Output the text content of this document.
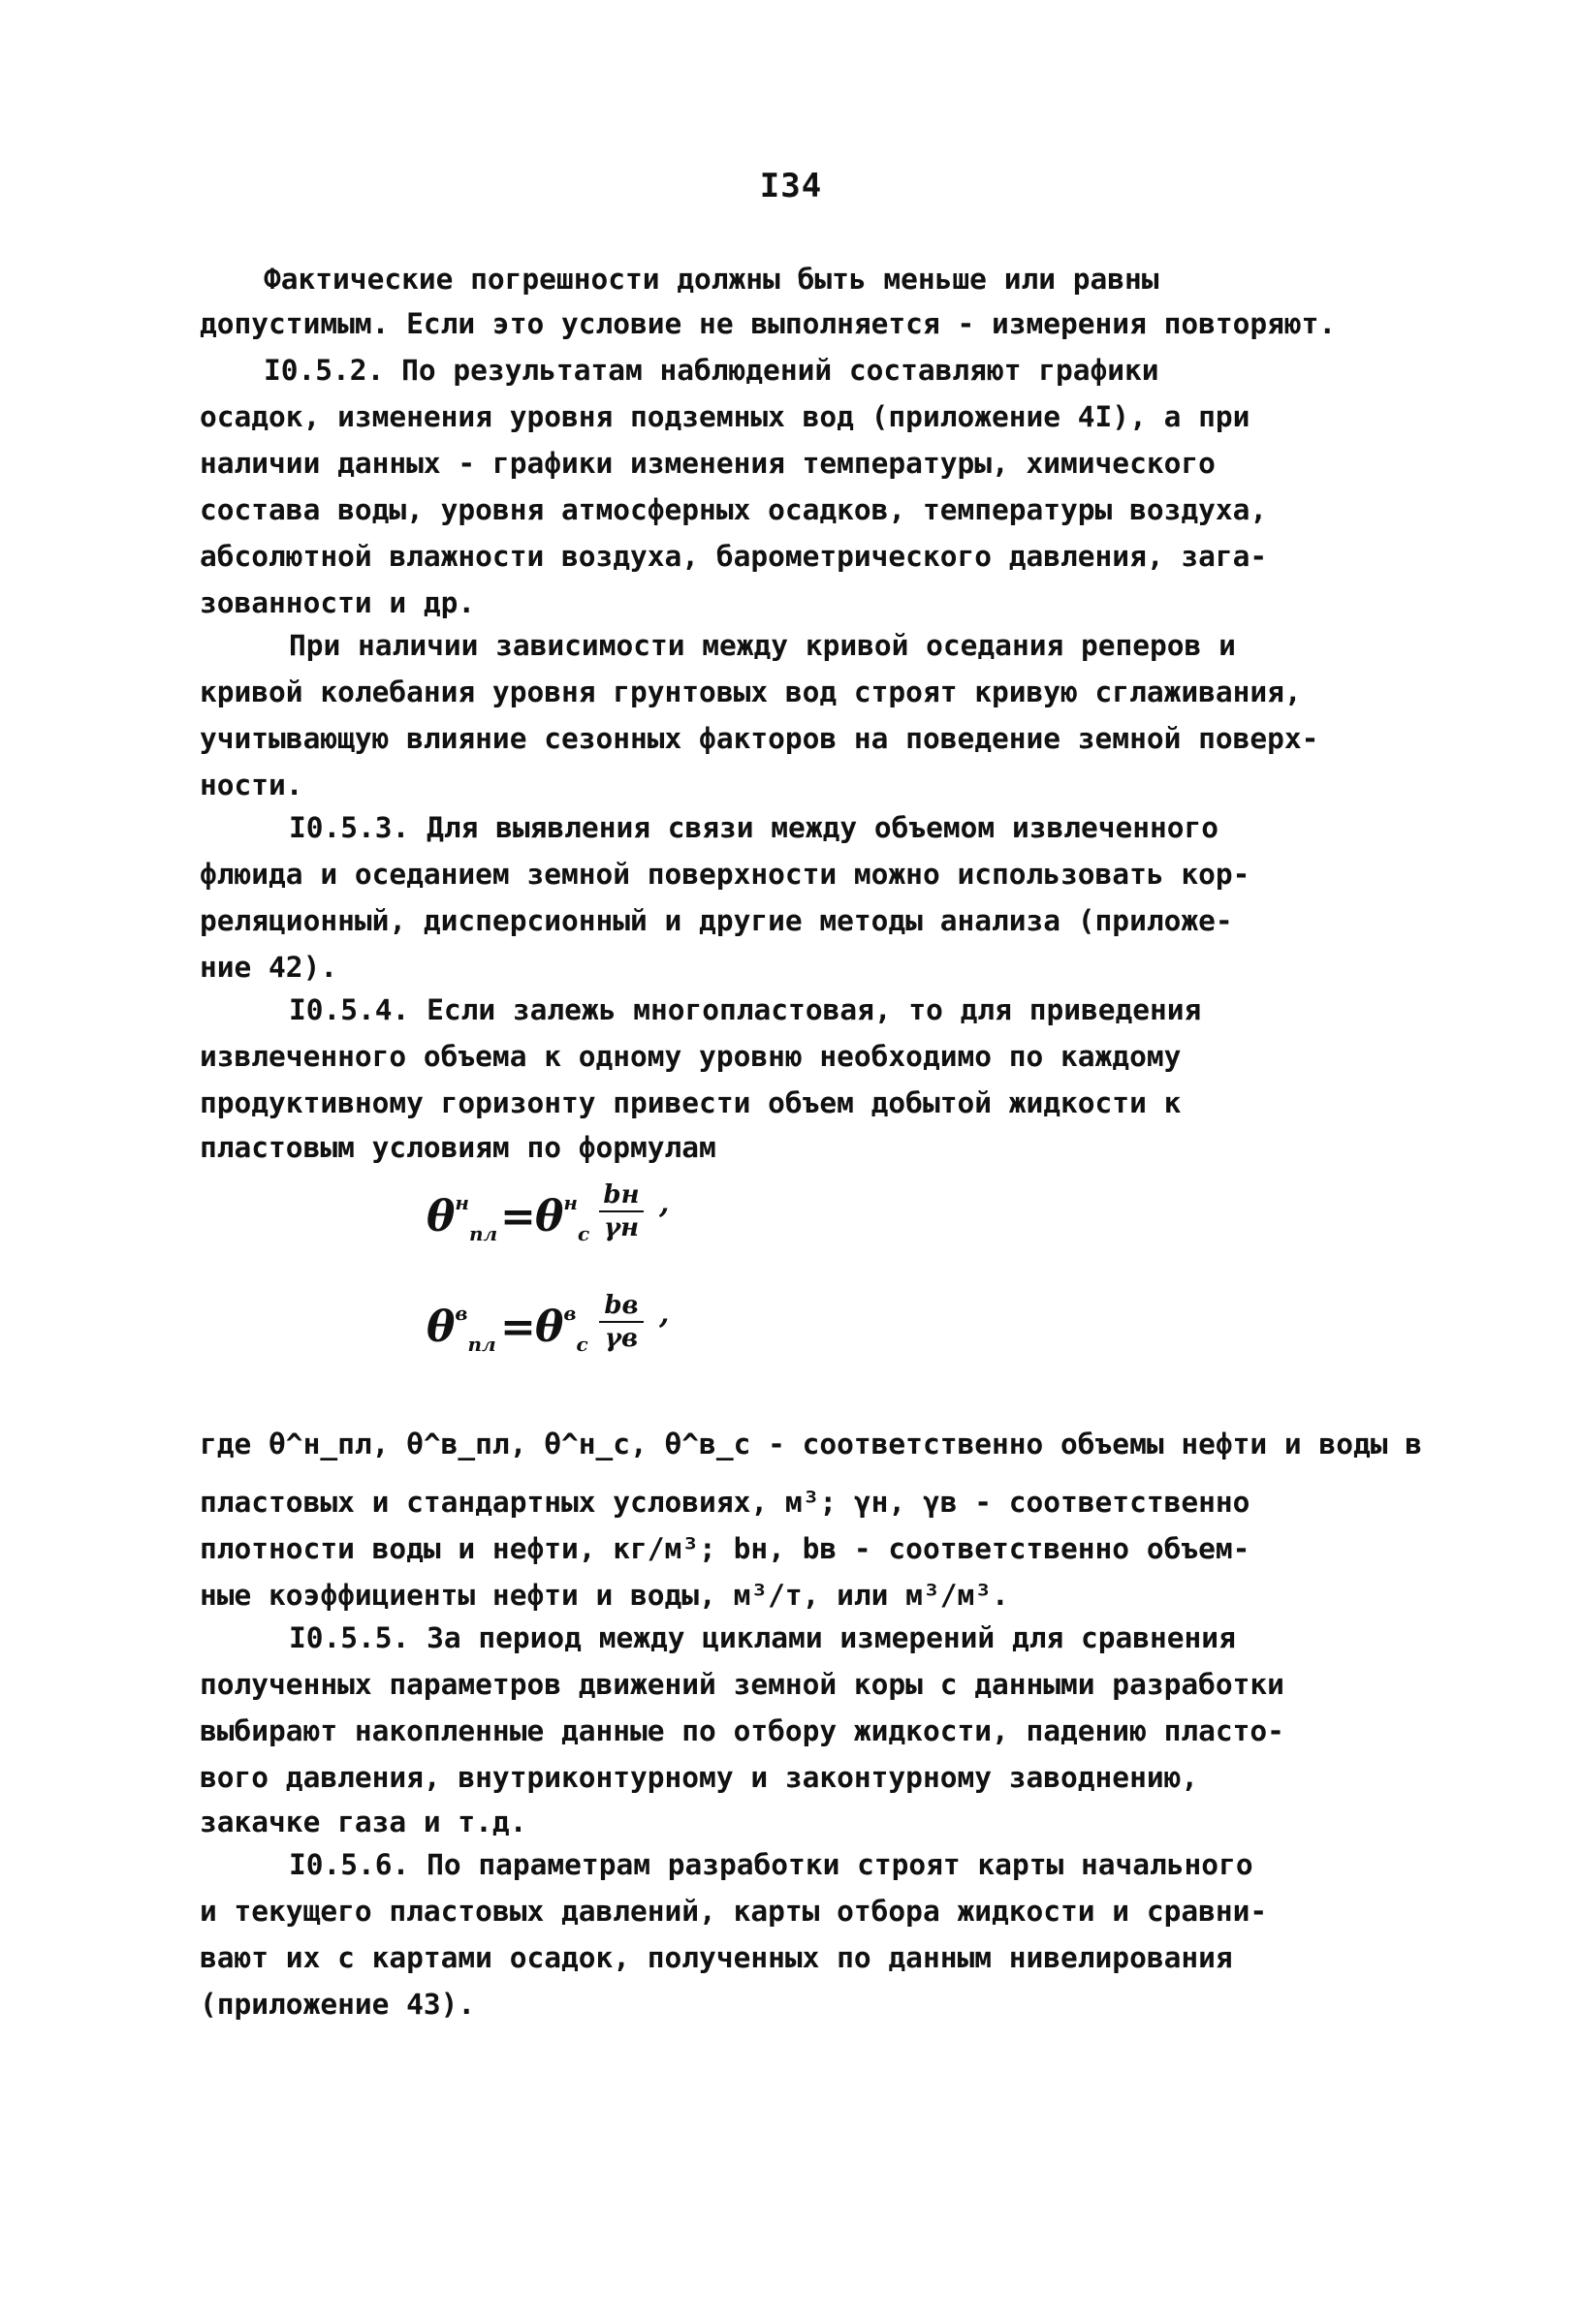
I34
Фактические погрешности должны быть меньше или равны
допустимым. Если это условие не выполняется - измерения повторяют.
I0.5.2. По результатам наблюдений составляют графики
осадок, изменения уровня подземных вод (приложение 4I), а при
наличии данных - графики изменения температуры, химического
состава воды, уровня атмосферных осадков, температуры воздуха,
абсолютной влажности воздуха, барометрического давления, зага-
зованности и др.
При наличии зависимости между кривой оседания реперов и
кривой колебания уровня грунтовых вод строят кривую сглаживания,
учитывающую влияние сезонных факторов на поведение земной поверх-
ности.
I0.5.3. Для выявления связи между объемом извлеченного
флюида и оседанием земной поверхности можно использовать кор-
реляционный, дисперсионный и другие методы анализа (приложе-
ние 42).
I0.5.4. Если залежь многопластовая, то для приведения
извлеченного объема к одному уровню необходимо по каждому
продуктивному горизонту привести объем добытой жидкости к
пластовым условиям по формулам
θнпл = θнс
bн
γн
,
θвпл = θвс
bв
γв
,
где θ^н_пл, θ^в_пл, θ^н_с, θ^в_с - соответственно объемы нефти и воды в
пластовых и стандартных условиях, м³; γн, γв - соответственно
плотности воды и нефти, кг/м³; bн, bв - соответственно объем-
ные коэффициенты нефти и воды, м³/т, или м³/м³.
I0.5.5. За период между циклами измерений для сравнения
полученных параметров движений земной коры с данными разработки
выбирают накопленные данные по отбору жидкости, падению пласто-
вого давления, внутриконтурному и законтурному заводнению,
закачке газа и т.д.
I0.5.6. По параметрам разработки строят карты начального
и текущего пластовых давлений, карты отбора жидкости и сравни-
вают их с картами осадок, полученных по данным нивелирования
(приложение 43).
